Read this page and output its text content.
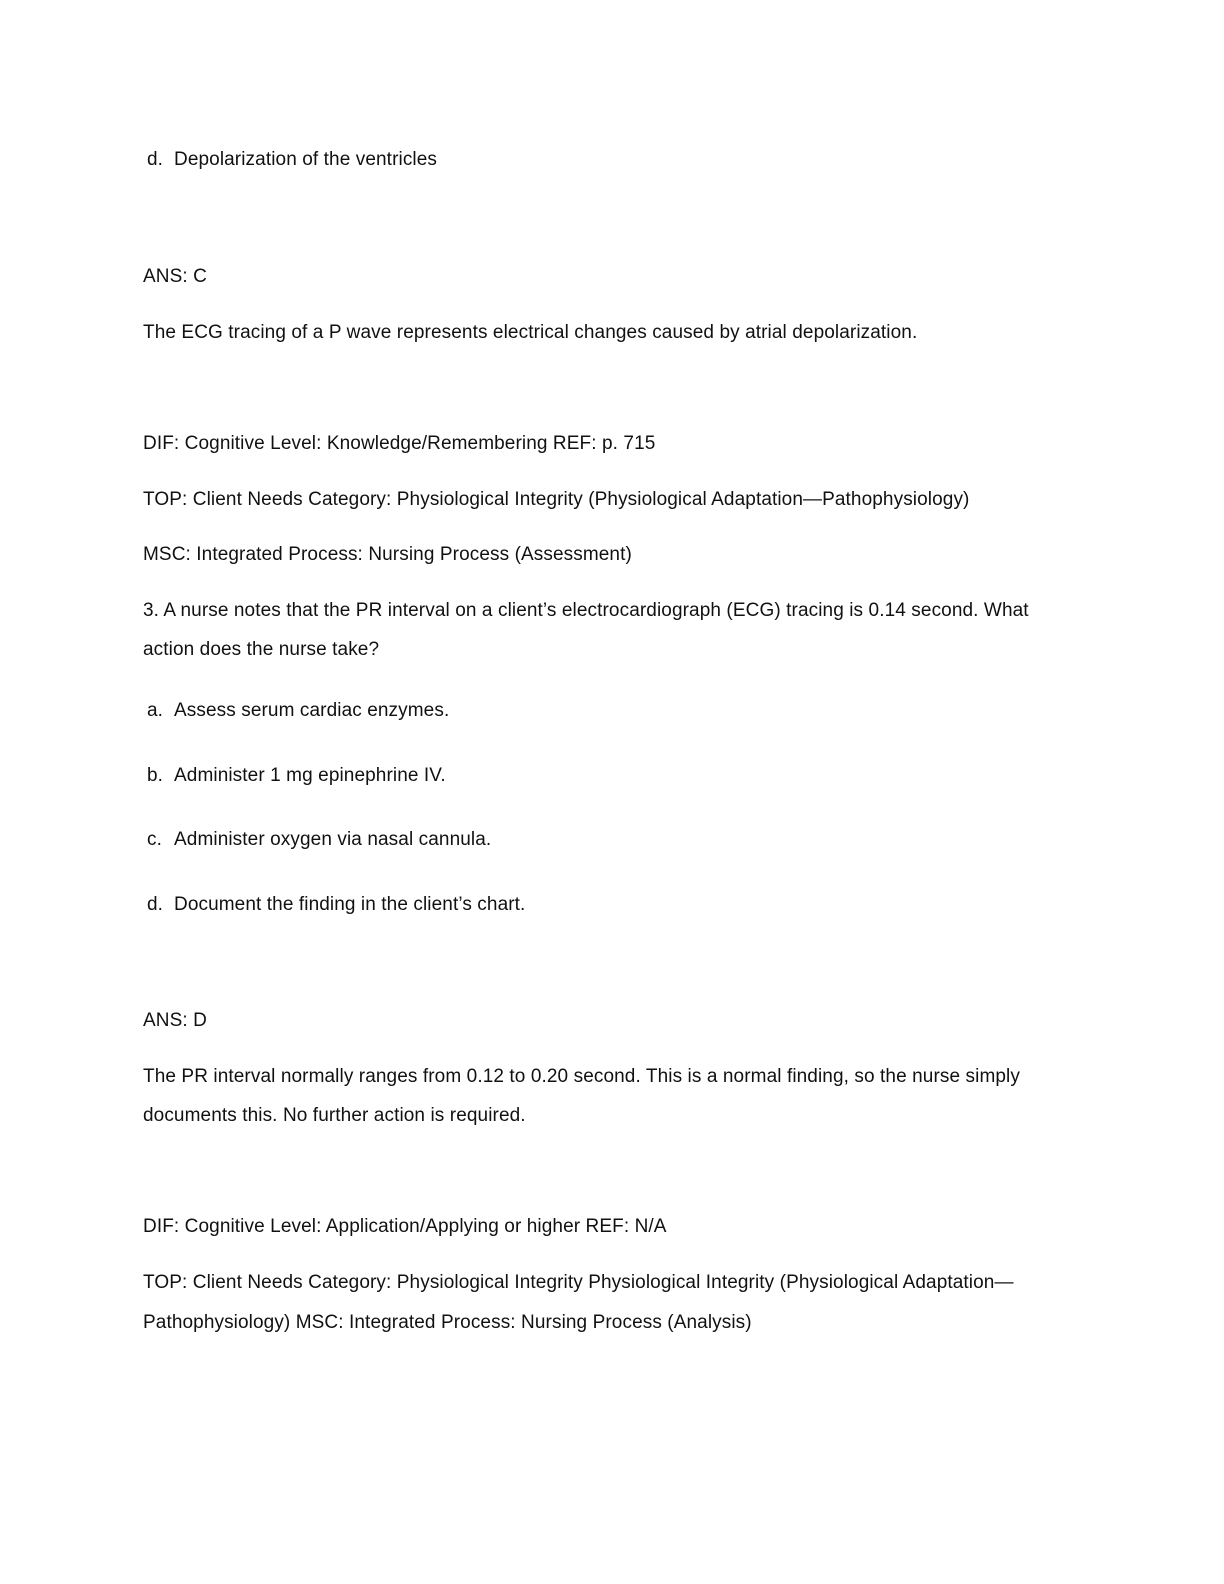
d. Depolarization of the ventricles
ANS: C
The ECG tracing of a P wave represents electrical changes caused by atrial depolarization.
DIF: Cognitive Level: Knowledge/Remembering REF: p. 715
TOP: Client Needs Category: Physiological Integrity (Physiological Adaptation—Pathophysiology)
MSC: Integrated Process: Nursing Process (Assessment)
3. A nurse notes that the PR interval on a client’s electrocardiograph (ECG) tracing is 0.14 second. What
action does the nurse take?
a. Assess serum cardiac enzymes.
b. Administer 1 mg epinephrine IV.
c. Administer oxygen via nasal cannula.
d. Document the finding in the client’s chart.
ANS: D
The PR interval normally ranges from 0.12 to 0.20 second. This is a normal finding, so the nurse simply
documents this. No further action is required.
DIF: Cognitive Level: Application/Applying or higher REF: N/A
TOP: Client Needs Category: Physiological Integrity Physiological Integrity (Physiological Adaptation—
Pathophysiology) MSC: Integrated Process: Nursing Process (Analysis)
